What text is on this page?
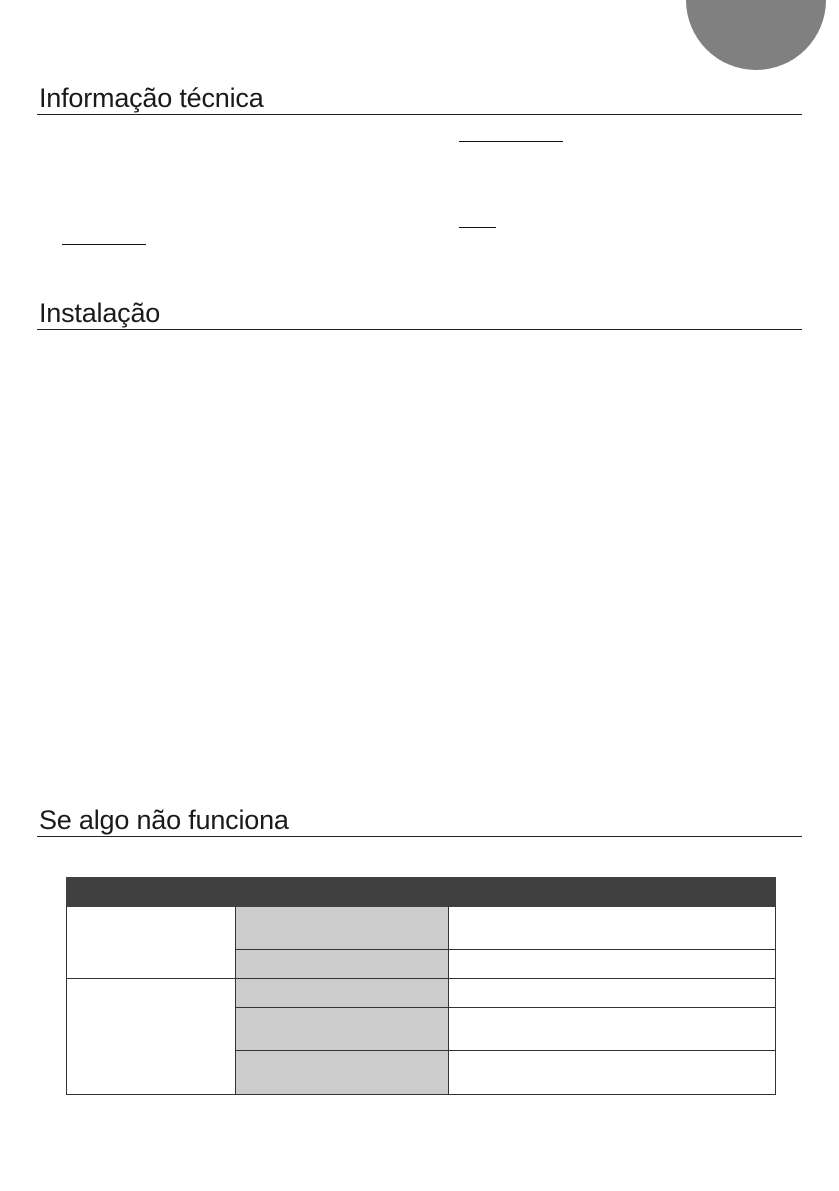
Informação técnica
Instalação
Se algo não funciona
